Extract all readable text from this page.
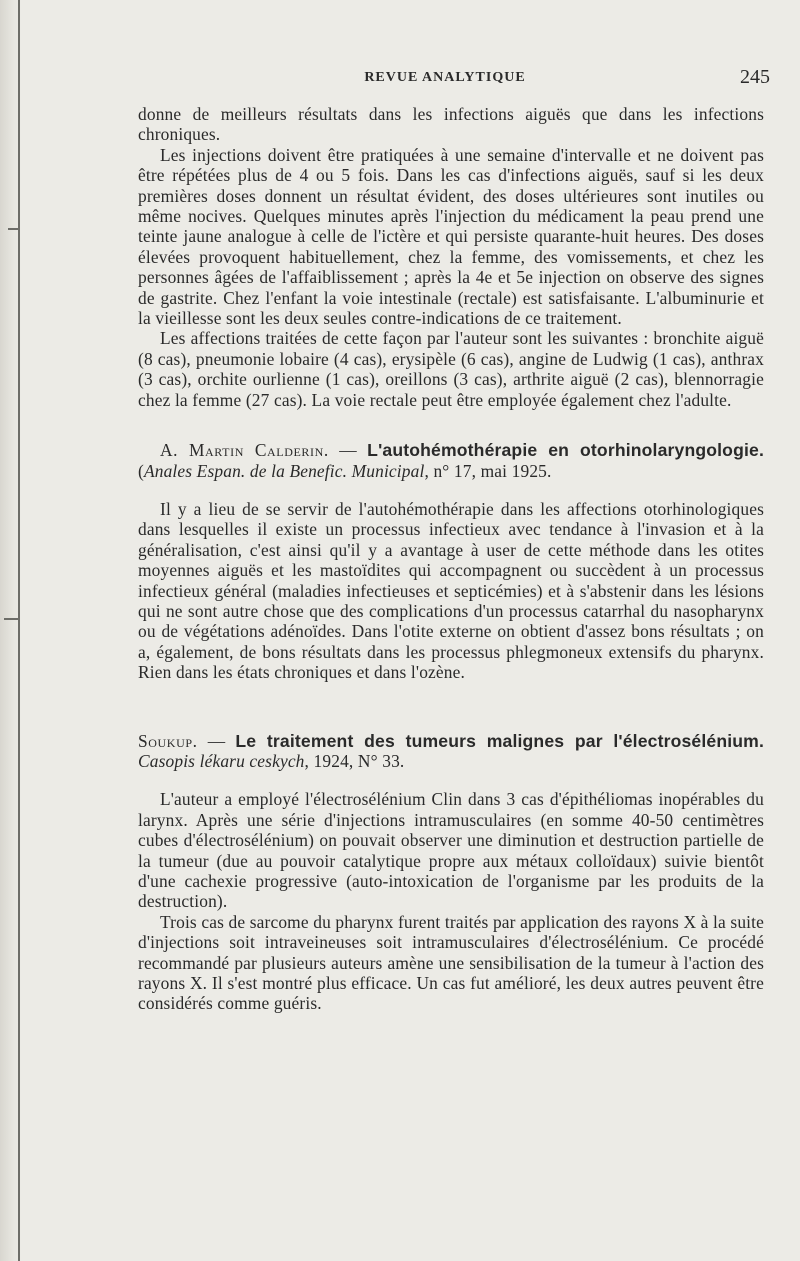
REVUE ANALYTIQUE	245

donne de meilleurs résultats dans les infections aiguës que dans les infections chroniques.

Les injections doivent être pratiquées à une semaine d'intervalle et ne doivent pas être répétées plus de 4 ou 5 fois. Dans les cas d'infections aiguës, sauf si les deux premières doses donnent un résultat évident, des doses ultérieures sont inutiles ou même nocives. Quelques minutes après l'injection du médicament la peau prend une teinte jaune analogue à celle de l'ictère et qui persiste quarante-huit heures. Des doses élevées provoquent habituellement, chez la femme, des vomissements, et chez les personnes âgées de l'affaiblissement ; après la 4e et 5e injection on observe des signes de gastrite. Chez l'enfant la voie intestinale (rectale) est satisfaisante. L'albuminurie et la vieillesse sont les deux seules contre-indications de ce traitement.

Les affections traitées de cette façon par l'auteur sont les suivantes : bronchite aiguë (8 cas), pneumonie lobaire (4 cas), erysipèle (6 cas), angine de Ludwig (1 cas), anthrax (3 cas), orchite ourlienne (1 cas), oreillons (3 cas), arthrite aiguë (2 cas), blennorragie chez la femme (27 cas). La voie rectale peut être employée également chez l'adulte.

A. Martin Calderin. — L'autohémothérapie en otorhinolaryngologie. (Anales Espan. de la Benefic. Municipal, n° 17, mai 1925.

Il y a lieu de se servir de l'autohémothérapie dans les affections otorhinologiques dans lesquelles il existe un processus infectieux avec tendance à l'invasion et à la généralisation, c'est ainsi qu'il y a avantage à user de cette méthode dans les otites moyennes aiguës et les mastoïdites qui accompagnent ou succèdent à un processus infectieux général (maladies infectieuses et septicémies) et à s'abstenir dans les lésions qui ne sont autre chose que des complications d'un processus catarrhal du nasopharynx ou de végétations adénoïdes. Dans l'otite externe on obtient d'assez bons résultats ; on a, également, de bons résultats dans les processus phlegmoneux extensifs du pharynx. Rien dans les états chroniques et dans l'ozène.

Soukup. — Le traitement des tumeurs malignes par l'électrosélénium. Casopis lékaru ceskych, 1924, N° 33.

L'auteur a employé l'électrosélénium Clin dans 3 cas d'épithéliomas inopérables du larynx. Après une série d'injections intramusculaires (en somme 40-50 centimètres cubes d'électrosélénium) on pouvait observer une diminution et destruction partielle de la tumeur (due au pouvoir catalytique propre aux métaux colloïdaux) suivie bientôt d'une cachexie progressive (auto-intoxication de l'organisme par les produits de la destruction).

Trois cas de sarcome du pharynx furent traités par application des rayons X à la suite d'injections soit intraveineuses soit intramusculaires d'électrosélénium. Ce procédé recommandé par plusieurs auteurs amène une sensibilisation de la tumeur à l'action des rayons X. Il s'est montré plus efficace. Un cas fut amélioré, les deux autres peuvent être considérés comme guéris.
